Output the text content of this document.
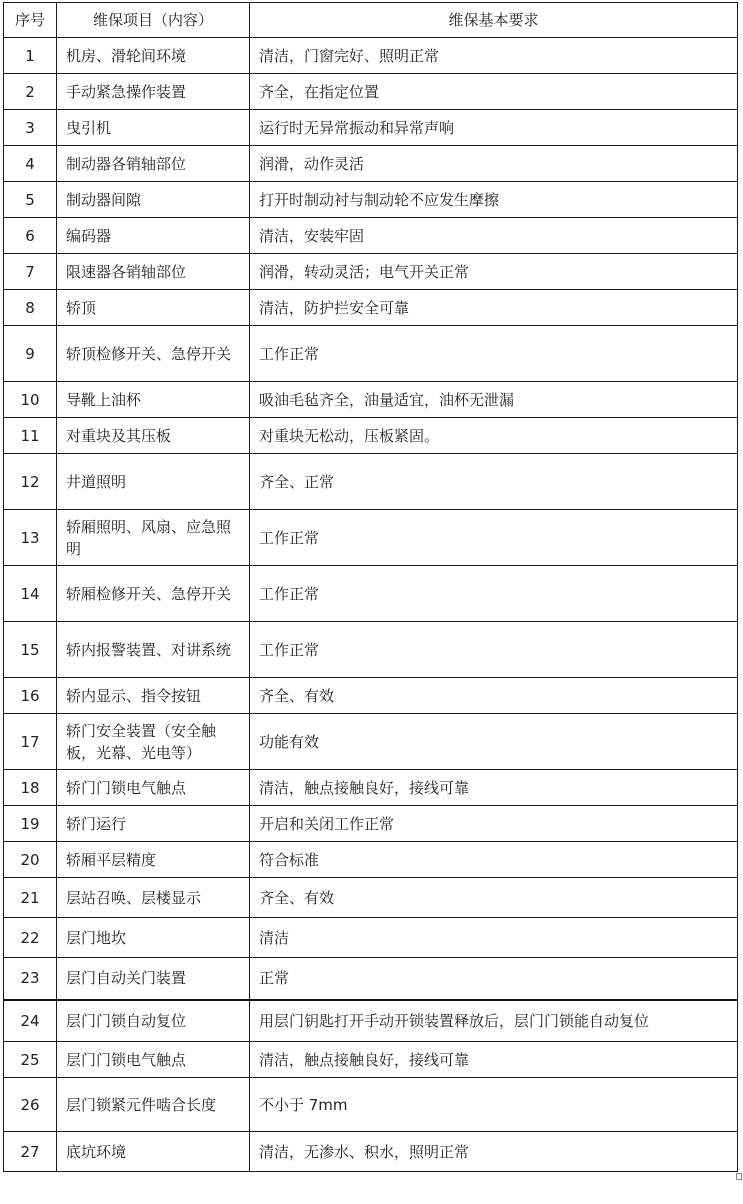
序号	维保项目（内容）	维保基本要求
1	机房、滑轮间环境	清洁，门窗完好、照明正常
2	手动紧急操作装置	齐全，在指定位置
3	曳引机	运行时无异常振动和异常声响
4	制动器各销轴部位	润滑，动作灵活
5	制动器间隙	打开时制动衬与制动轮不应发生摩擦
6	编码器	清洁，安装牢固
7	限速器各销轴部位	润滑，转动灵活；电气开关正常
8	轿顶	清洁，防护拦安全可靠
9	轿顶检修开关、急停开关	工作正常
10	导靴上油杯	吸油毛毡齐全，油量适宜，油杯无泄漏
11	对重块及其压板	对重块无松动，压板紧固。
12	井道照明	齐全、正常
13	轿厢照明、风扇、应急照明	工作正常
14	轿厢检修开关、急停开关	工作正常
15	轿内报警装置、对讲系统	工作正常
16	轿内显示、指令按钮	齐全、有效
17	轿门安全装置（安全触板，光幕、光电等）	功能有效
18	轿门门锁电气触点	清洁，触点接触良好，接线可靠
19	轿门运行	开启和关闭工作正常
20	轿厢平层精度	符合标准
21	层站召唤、层楼显示	齐全、有效
22	层门地坎	清洁
23	层门自动关门装置	正常
24	层门门锁自动复位	用层门钥匙打开手动开锁装置释放后，层门门锁能自动复位
25	层门门锁电气触点	清洁，触点接触良好，接线可靠
26	层门锁紧元件啮合长度	不小于 7mm
27	底坑环境	清洁，无渗水、积水，照明正常
